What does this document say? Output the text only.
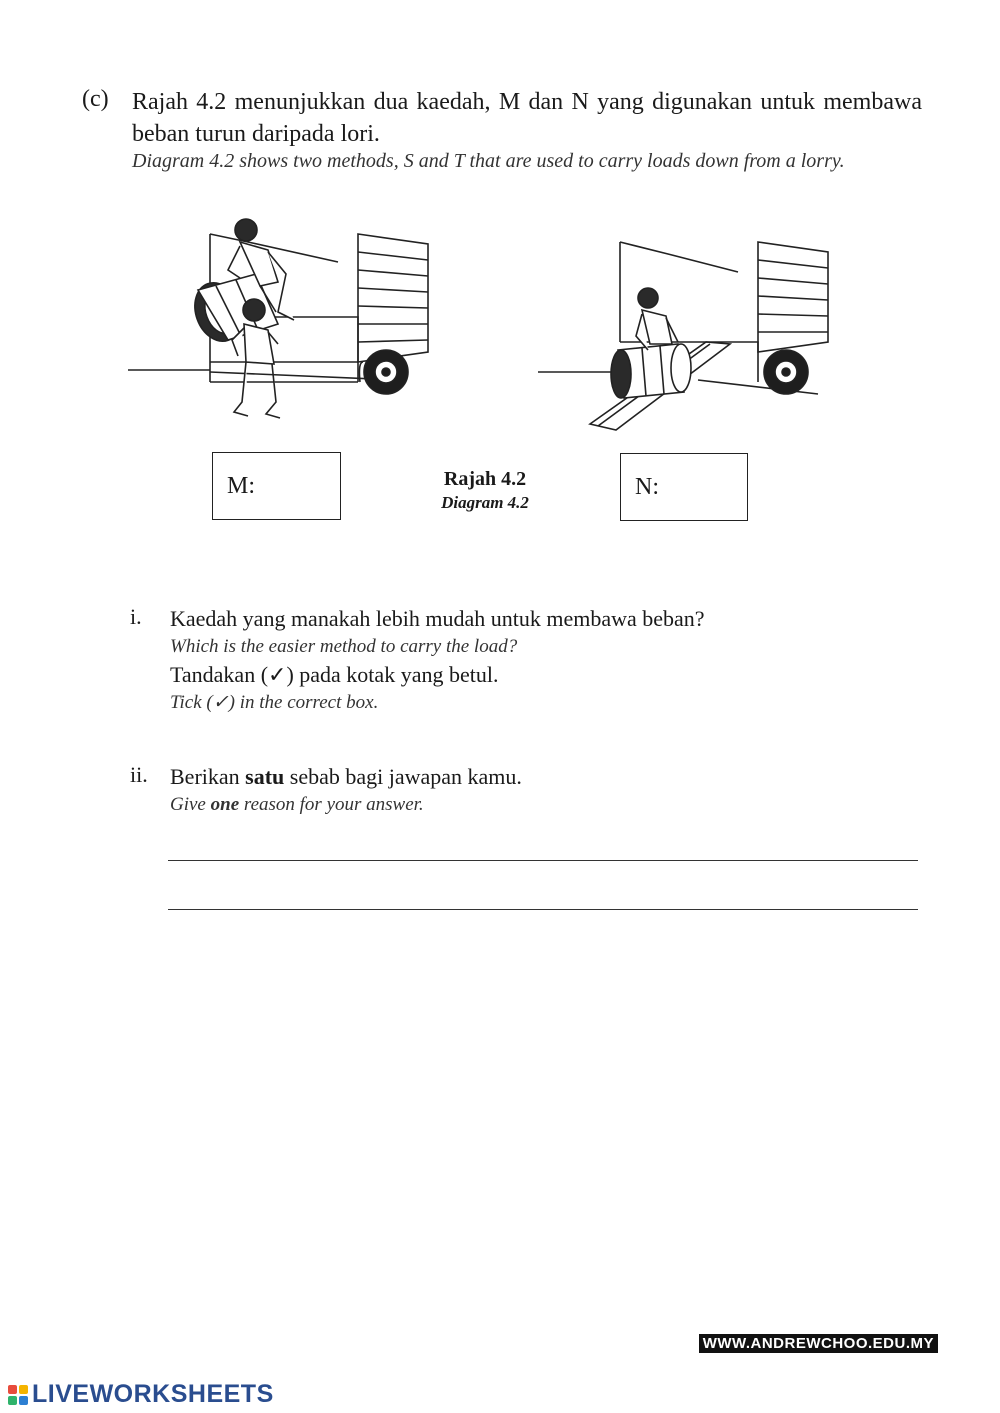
(c) Rajah 4.2 menunjukkan dua kaedah, M dan N yang digunakan untuk membawa beban turun daripada lori.
Diagram 4.2 shows two methods, S and T that are used to carry loads down from a lorry.
M:	Rajah 4.2
Diagram 4.2
N:
i. Kaedah yang manakah lebih mudah untuk membawa beban?
Which is the easier method to carry the load?
Tandakan (✓) pada kotak yang betul.
Tick (✓) in the correct box.
ii. Berikan satu sebab bagi jawapan kamu.
Give one reason for your answer.
WWW.ANDREWCHOO.EDU.MY
LIVEWORKSHEETS
